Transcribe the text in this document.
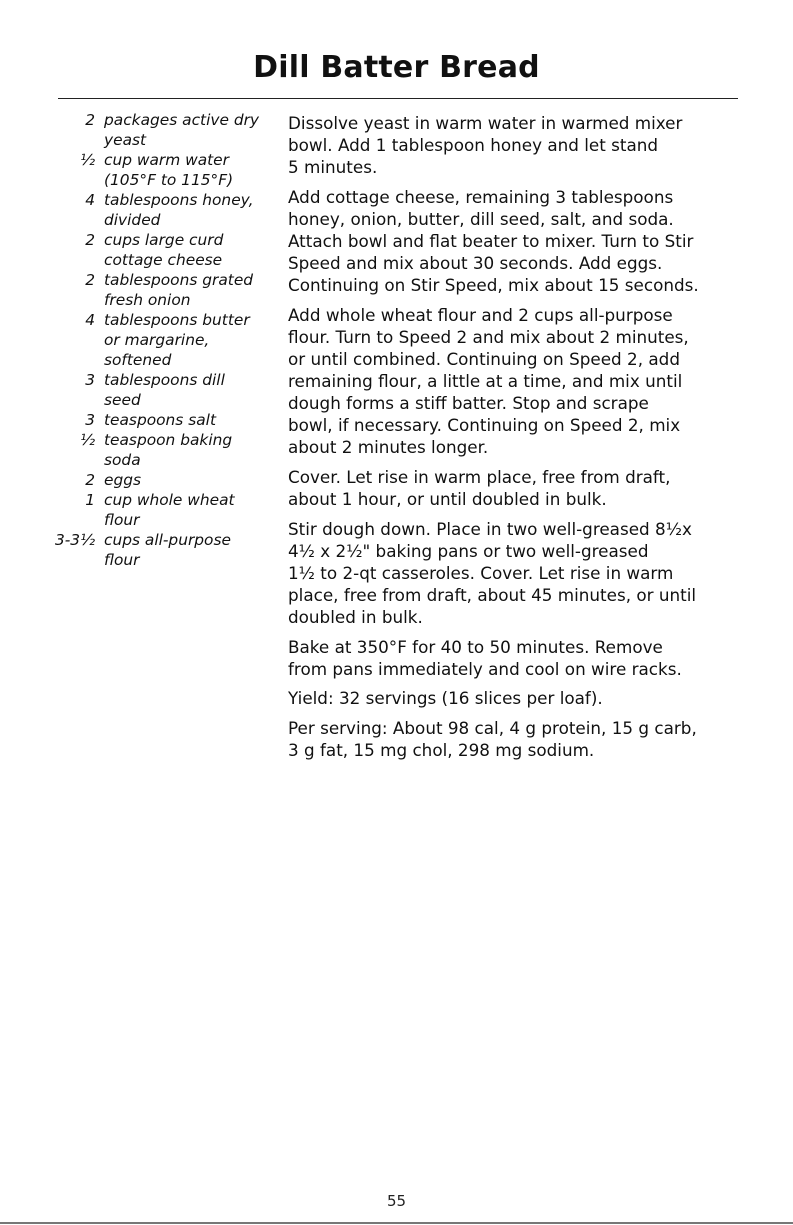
Dill Batter Bread
2 packages active dry
yeast
½ cup warm water
(105°F to 115°F)
4 tablespoons honey,
divided
2 cups large curd
cottage cheese
2 tablespoons grated
fresh onion
4 tablespoons butter
or margarine,
softened
3 tablespoons dill
seed
3 teaspoons salt
½ teaspoon baking
soda
2 eggs
1 cup whole wheat
flour
3-3½ cups all-purpose
flour

Dissolve yeast in warm water in warmed mixer
bowl. Add 1 tablespoon honey and let stand
5 minutes.

Add cottage cheese, remaining 3 tablespoons
honey, onion, butter, dill seed, salt, and soda.
Attach bowl and flat beater to mixer. Turn to Stir
Speed and mix about 30 seconds. Add eggs.
Continuing on Stir Speed, mix about 15 seconds.

Add whole wheat flour and 2 cups all-purpose
flour. Turn to Speed 2 and mix about 2 minutes,
or until combined. Continuing on Speed 2, add
remaining flour, a little at a time, and mix until
dough forms a stiff batter. Stop and scrape
bowl, if necessary. Continuing on Speed 2, mix
about 2 minutes longer.

Cover. Let rise in warm place, free from draft,
about 1 hour, or until doubled in bulk.

Stir dough down. Place in two well-greased 8½x
4½ x 2½" baking pans or two well-greased
1½ to 2-qt casseroles. Cover. Let rise in warm
place, free from draft, about 45 minutes, or until
doubled in bulk.

Bake at 350°F for 40 to 50 minutes. Remove
from pans immediately and cool on wire racks.

Yield: 32 servings (16 slices per loaf).

Per serving: About 98 cal, 4 g protein, 15 g carb,
3 g fat, 15 mg chol, 298 mg sodium.

55
